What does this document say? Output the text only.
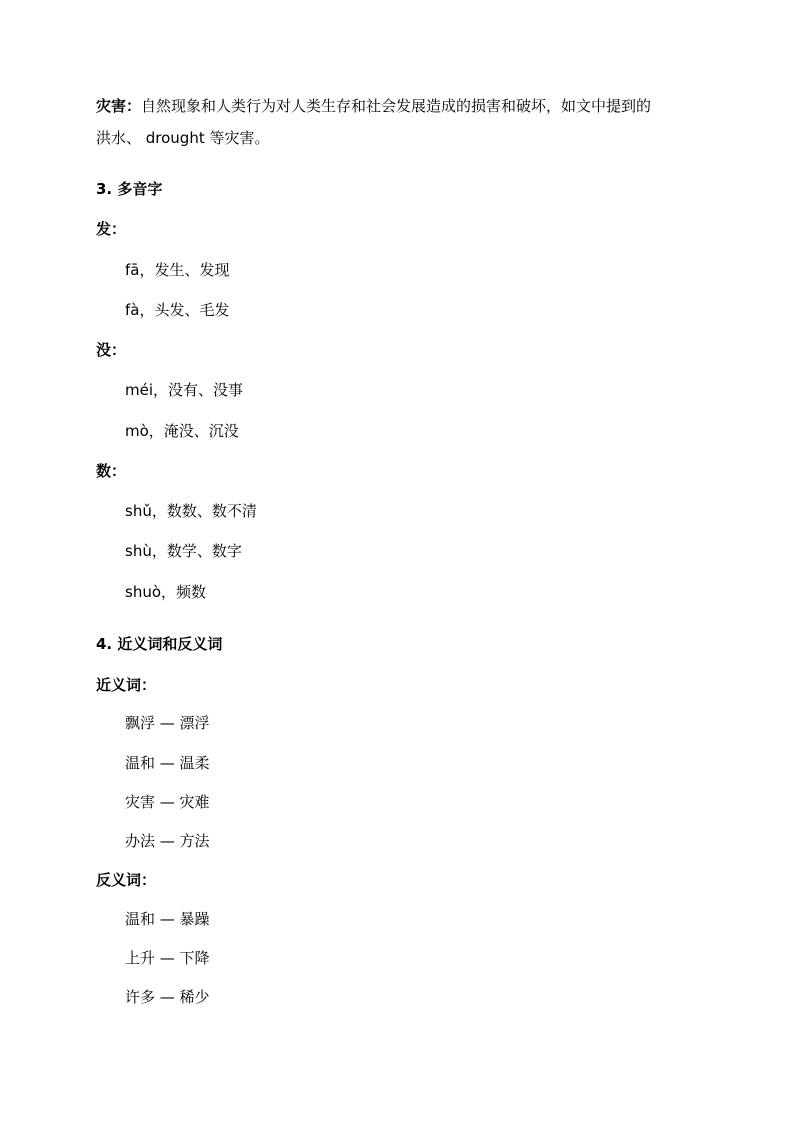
灾害：自然现象和人类行为对人类生存和社会发展造成的损害和破坏，如文中提到的
洪水、 drought 等灾害。
3. 多音字
发：
fā，发生、发现
fà，头发、毛发
没：
méi，没有、没事
mò，淹没、沉没
数：
shǔ，数数、数不清
shù，数学、数字
shuò，频数
4. 近义词和反义词
近义词：
飘浮 — 漂浮
温和 — 温柔
灾害 — 灾难
办法 — 方法
反义词：
温和 — 暴躁
上升 — 下降
许多 — 稀少
